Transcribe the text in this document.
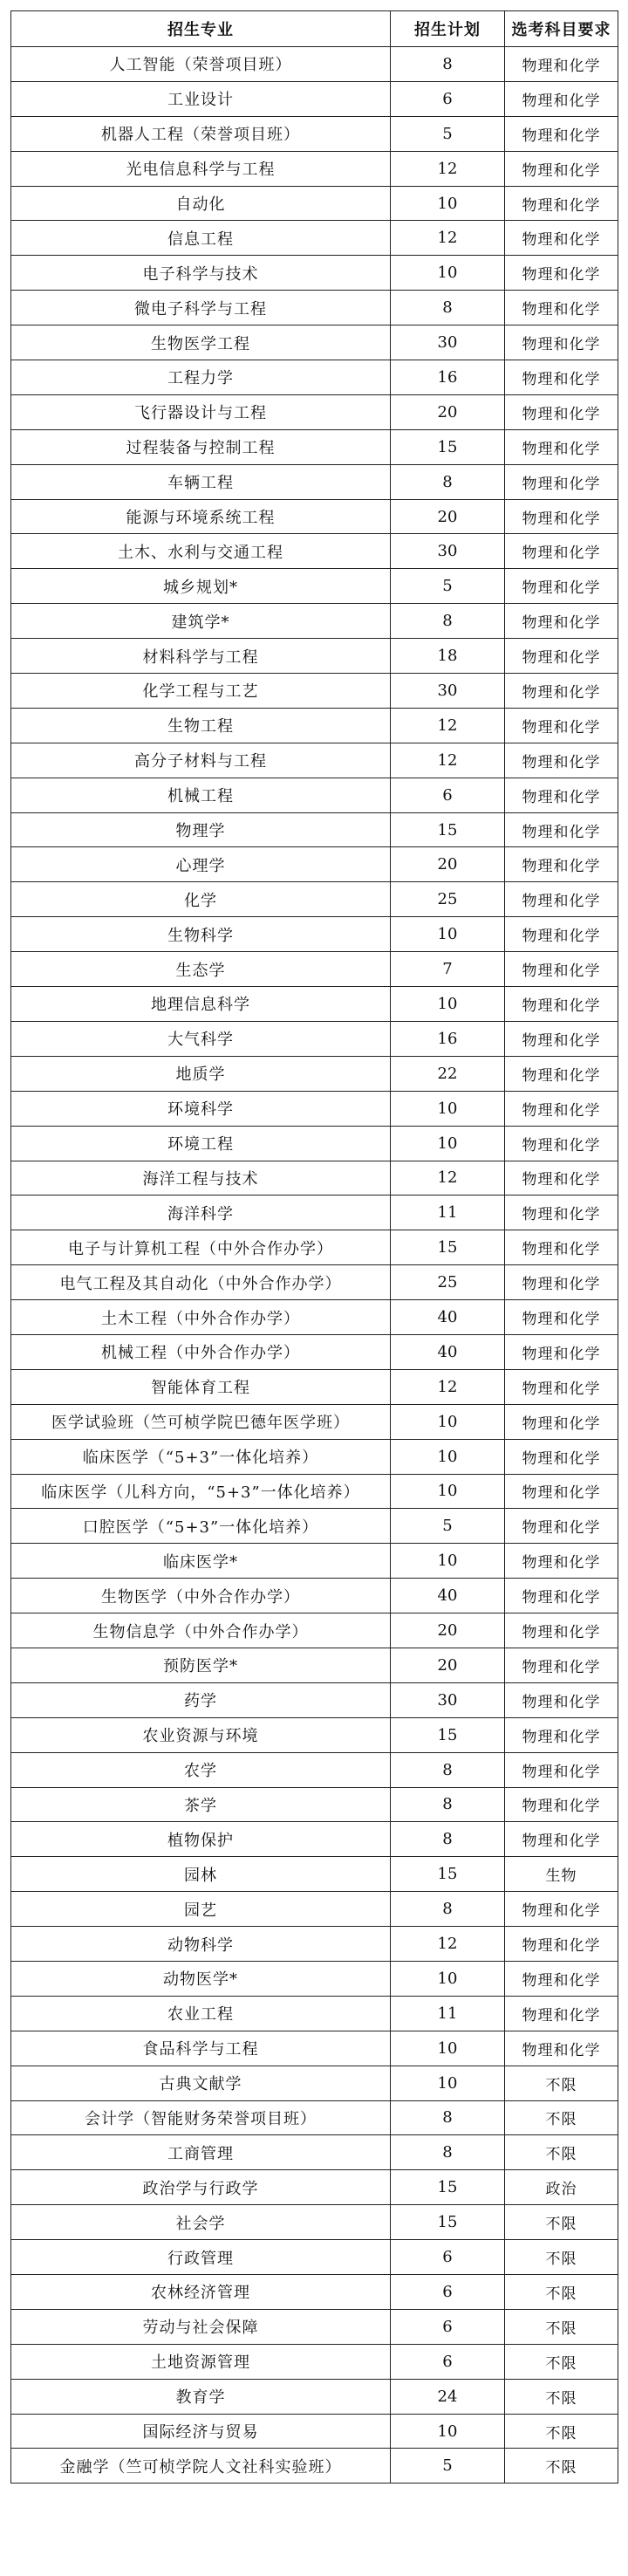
招生专业	招生计划	选考科目要求
人工智能（荣誉项目班）	8	物理和化学
工业设计	6	物理和化学
机器人工程（荣誉项目班）	5	物理和化学
光电信息科学与工程	12	物理和化学
自动化	10	物理和化学
信息工程	12	物理和化学
电子科学与技术	10	物理和化学
微电子科学与工程	8	物理和化学
生物医学工程	30	物理和化学
工程力学	16	物理和化学
飞行器设计与工程	20	物理和化学
过程装备与控制工程	15	物理和化学
车辆工程	8	物理和化学
能源与环境系统工程	20	物理和化学
土木、水利与交通工程	30	物理和化学
城乡规划*	5	物理和化学
建筑学*	8	物理和化学
材料科学与工程	18	物理和化学
化学工程与工艺	30	物理和化学
生物工程	12	物理和化学
高分子材料与工程	12	物理和化学
机械工程	6	物理和化学
物理学	15	物理和化学
心理学	20	物理和化学
化学	25	物理和化学
生物科学	10	物理和化学
生态学	7	物理和化学
地理信息科学	10	物理和化学
大气科学	16	物理和化学
地质学	22	物理和化学
环境科学	10	物理和化学
环境工程	10	物理和化学
海洋工程与技术	12	物理和化学
海洋科学	11	物理和化学
电子与计算机工程（中外合作办学）	15	物理和化学
电气工程及其自动化（中外合作办学）	25	物理和化学
土木工程（中外合作办学）	40	物理和化学
机械工程（中外合作办学）	40	物理和化学
智能体育工程	12	物理和化学
医学试验班（竺可桢学院巴德年医学班）	10	物理和化学
临床医学（“5+3”一体化培养）	10	物理和化学
临床医学（儿科方向，“5+3”一体化培养）	10	物理和化学
口腔医学（“5+3”一体化培养）	5	物理和化学
临床医学*	10	物理和化学
生物医学（中外合作办学）	40	物理和化学
生物信息学（中外合作办学）	20	物理和化学
预防医学*	20	物理和化学
药学	30	物理和化学
农业资源与环境	15	物理和化学
农学	8	物理和化学
茶学	8	物理和化学
植物保护	8	物理和化学
园林	15	生物
园艺	8	物理和化学
动物科学	12	物理和化学
动物医学*	10	物理和化学
农业工程	11	物理和化学
食品科学与工程	10	物理和化学
古典文献学	10	不限
会计学（智能财务荣誉项目班）	8	不限
工商管理	8	不限
政治学与行政学	15	政治
社会学	15	不限
行政管理	6	不限
农林经济管理	6	不限
劳动与社会保障	6	不限
土地资源管理	6	不限
教育学	24	不限
国际经济与贸易	10	不限
金融学（竺可桢学院人文社科实验班）	5	不限
